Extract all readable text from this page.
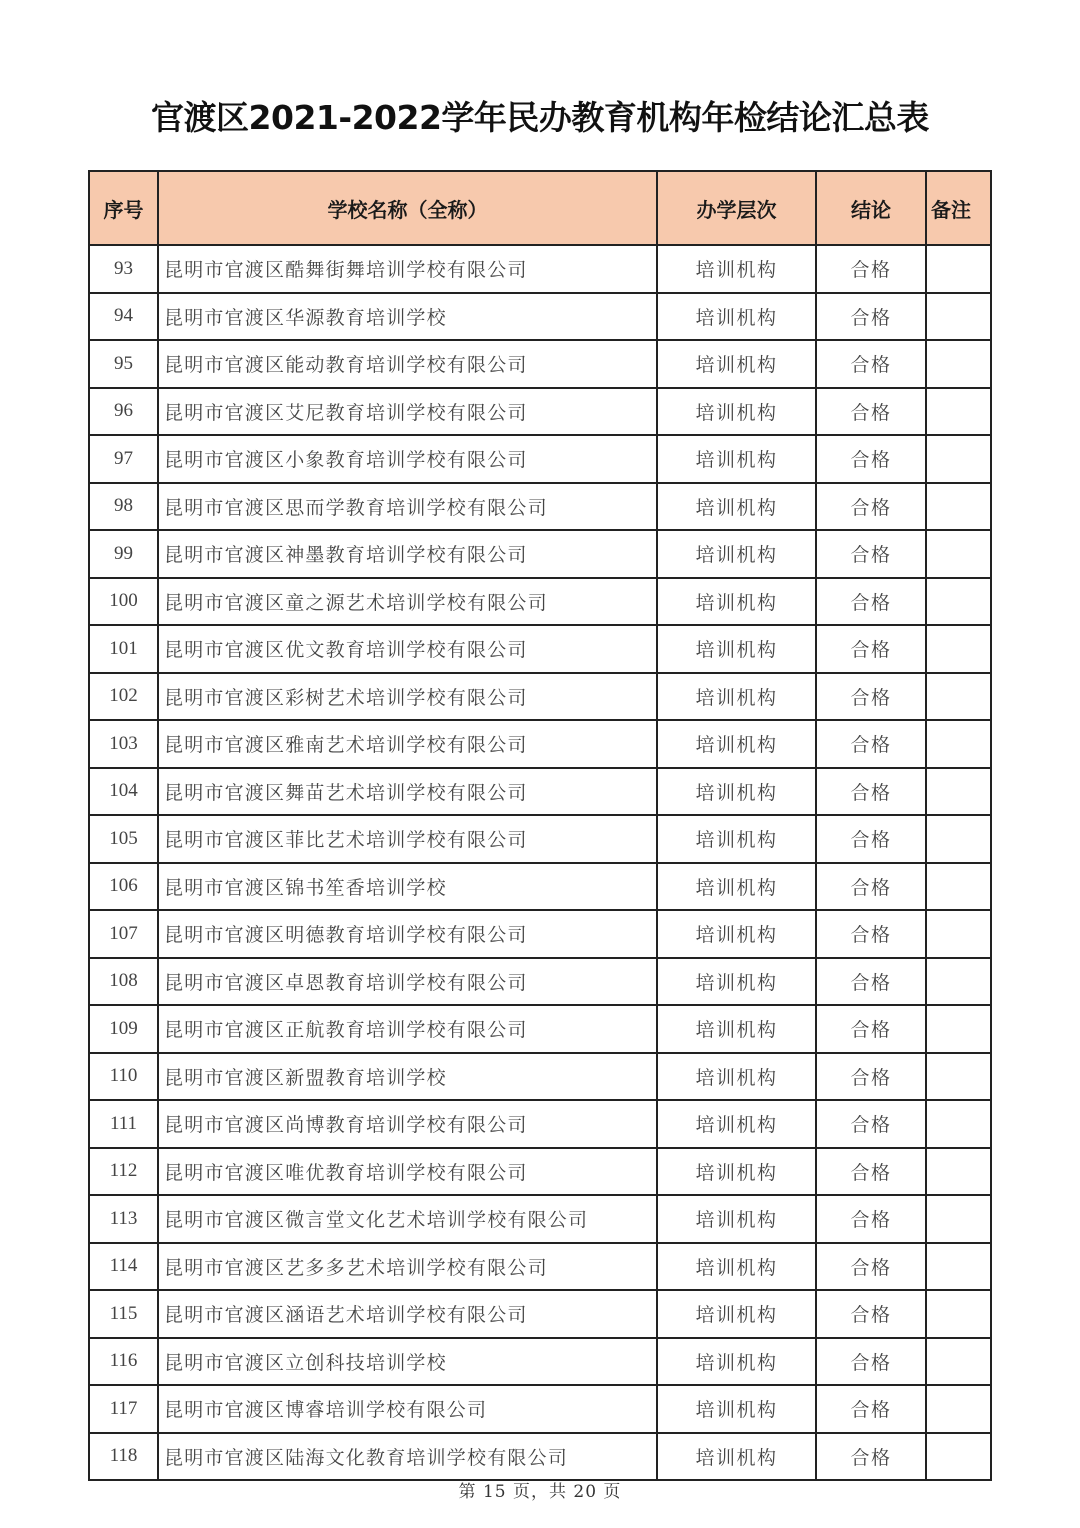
官渡区2021-2022学年民办教育机构年检结论汇总表
序号	学校名称（全称）	办学层次	结论	备注
93	昆明市官渡区酷舞街舞培训学校有限公司	培训机构	合格	
94	昆明市官渡区华源教育培训学校	培训机构	合格	
95	昆明市官渡区能动教育培训学校有限公司	培训机构	合格	
96	昆明市官渡区艾尼教育培训学校有限公司	培训机构	合格	
97	昆明市官渡区小象教育培训学校有限公司	培训机构	合格	
98	昆明市官渡区思而学教育培训学校有限公司	培训机构	合格	
99	昆明市官渡区神墨教育培训学校有限公司	培训机构	合格	
100	昆明市官渡区童之源艺术培训学校有限公司	培训机构	合格	
101	昆明市官渡区优文教育培训学校有限公司	培训机构	合格	
102	昆明市官渡区彩树艺术培训学校有限公司	培训机构	合格	
103	昆明市官渡区雅南艺术培训学校有限公司	培训机构	合格	
104	昆明市官渡区舞苗艺术培训学校有限公司	培训机构	合格	
105	昆明市官渡区菲比艺术培训学校有限公司	培训机构	合格	
106	昆明市官渡区锦书笙香培训学校	培训机构	合格	
107	昆明市官渡区明德教育培训学校有限公司	培训机构	合格	
108	昆明市官渡区卓恩教育培训学校有限公司	培训机构	合格	
109	昆明市官渡区正航教育培训学校有限公司	培训机构	合格	
110	昆明市官渡区新盟教育培训学校	培训机构	合格	
111	昆明市官渡区尚博教育培训学校有限公司	培训机构	合格	
112	昆明市官渡区唯优教育培训学校有限公司	培训机构	合格	
113	昆明市官渡区微言堂文化艺术培训学校有限公司	培训机构	合格	
114	昆明市官渡区艺多多艺术培训学校有限公司	培训机构	合格	
115	昆明市官渡区涵语艺术培训学校有限公司	培训机构	合格	
116	昆明市官渡区立创科技培训学校	培训机构	合格	
117	昆明市官渡区博睿培训学校有限公司	培训机构	合格	
118	昆明市官渡区陆海文化教育培训学校有限公司	培训机构	合格	
第 15 页，共 20 页
